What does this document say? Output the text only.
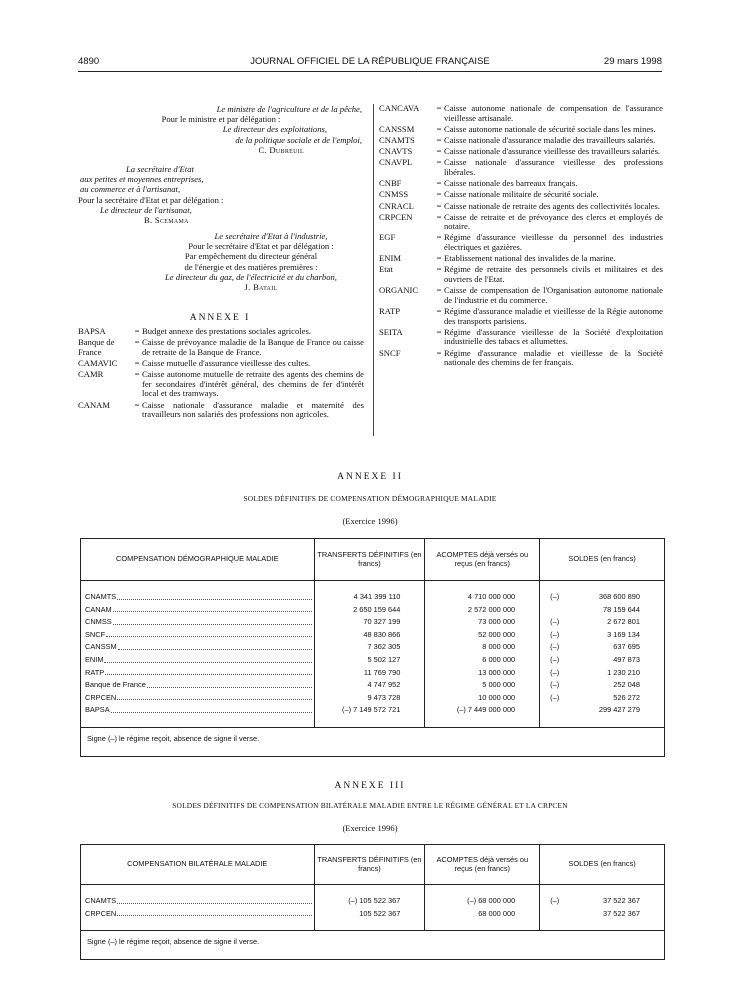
4890	JOURNAL OFFICIEL DE LA RÉPUBLIQUE FRANÇAISE	29 mars 1998
Le ministre de l'agriculture et de la pêche,
Pour le ministre et par délégation :
Le directeur des exploitations,
de la politique sociale et de l'emploi,
C. Dubreuil
La secrétaire d'Etat
aux petites et moyennes entreprises,
au commerce et à l'artisanat,
Pour la secrétaire d'Etat et par délégation :
Le directeur de l'artisanat,
B. Scemama
Le secrétaire d'Etat à l'industrie,
Pour le secrétaire d'Etat et par délégation :
Par empêchement du directeur général
de l'énergie et des matières premières :
Le directeur du gaz, de l'électricité et du charbon,
J. Batail
ANNEXE I
BAPSA	= Budget annexe des prestations sociales agricoles.
Banque de France
= Caisse de prévoyance maladie de la Banque de France ou caisse de retraite de la Banque de France.
CAMAVIC	= Caisse mutuelle d'assurance vieillesse des cultes.
CAMR	= Caisse autonome mutuelle de retraite des agents des chemins de fer secondaires d'intérêt général, des chemins de fer d'intérêt local et des tramways.
CANAM	= Caisse nationale d'assurance maladie et maternité des travailleurs non salariés des professions non agricoles.
CANCAVA	= Caisse autonome nationale de compensation de l'assurance vieillesse artisanale.
CANSSM	= Caisse autonome nationale de sécurité sociale dans les mines.
CNAMTS	= Caisse nationale d'assurance maladie des travailleurs salariés.
CNAVTS	= Caisse nationale d'assurance vieillesse des travailleurs salariés.
CNAVPL	= Caisse nationale d'assurance vieillesse des professions libérales.
CNBF	= Caisse nationale des barreaux français.
CNMSS	= Caisse nationale militaire de sécurité sociale.
CNRACL	= Caisse nationale de retraite des agents des collectivités locales.
CRPCEN	= Caisse de retraite et de prévoyance des clercs et employés de notaire.
EGF	= Régime d'assurance vieillesse du personnel des industries électriques et gazières.
ENIM	= Etablissement national des invalides de la marine.
Etat	= Régime de retraite des personnels civils et militaires et des ouvriers de l'Etat.
ORGANIC	= Caisse de compensation de l'Organisation autonome nationale de l'industrie et du commerce.
RATP	= Régime d'assurance maladie et vieillesse de la Régie autonome des transports parisiens.
SEITA	= Régime d'assurance vieillesse de la Société d'exploitation industrielle des tabacs et allumettes.
SNCF	= Régime d'assurance maladie et vieillesse de la Société nationale des chemins de fer français.
ANNEXE II
SOLDES DÉFINITIFS DE COMPENSATION DÉMOGRAPHIQUE MALADIE
(Exercice 1996)
COMPENSATION DÉMOGRAPHIQUE MALADIE	TRANSFERTS DÉFINITIFS (en francs)	ACOMPTES déjà versés ou reçus (en francs)	SOLDES (en francs)

CNAMTS	4 341 399 110	4 710 000 000	(–) 368 600 890

CANAM	2 650 159 644	2 572 000 000	78 159 644

CNMSS	70 327 199	73 000 000	(–) 2 672 801

SNCF	48 830 866	52 000 000	(–) 3 169 134

CANSSM	7 362 305	8 000 000	(–) 637 695

ENIM	5 502 127	6 000 000	(–) 497 873

RATP	11 769 790	13 000 000	(–) 1 230 210

Banque de France	4 747 952	5 000 000	(–) 252 048

CRPCEN	9 473 728	10 000 000	(–) 526 272

BAPSA	(–) 7 149 572 721	(–) 7 449 000 000	299 427 279

Signe (–) le régime reçoit, absence de signe il verse.			
ANNEXE III
SOLDES DÉFINITIFS DE COMPENSATION BILATÉRALE MALADIE ENTRE LE RÉGIME GÉNÉRAL ET LA CRPCEN
(Exercice 1996)
COMPENSATION BILATÉRALE MALADIE	TRANSFERTS DÉFINITIFS (en francs)	ACOMPTES déjà versés ou reçus (en francs)	SOLDES (en francs)

CNAMTS	(–) 105 522 367	(–) 68 000 000	(–) 37 522 367

CRPCEN	105 522 367	68 000 000	37 522 367

Signe (–) le régime reçoit, absence de signe il verse.			
